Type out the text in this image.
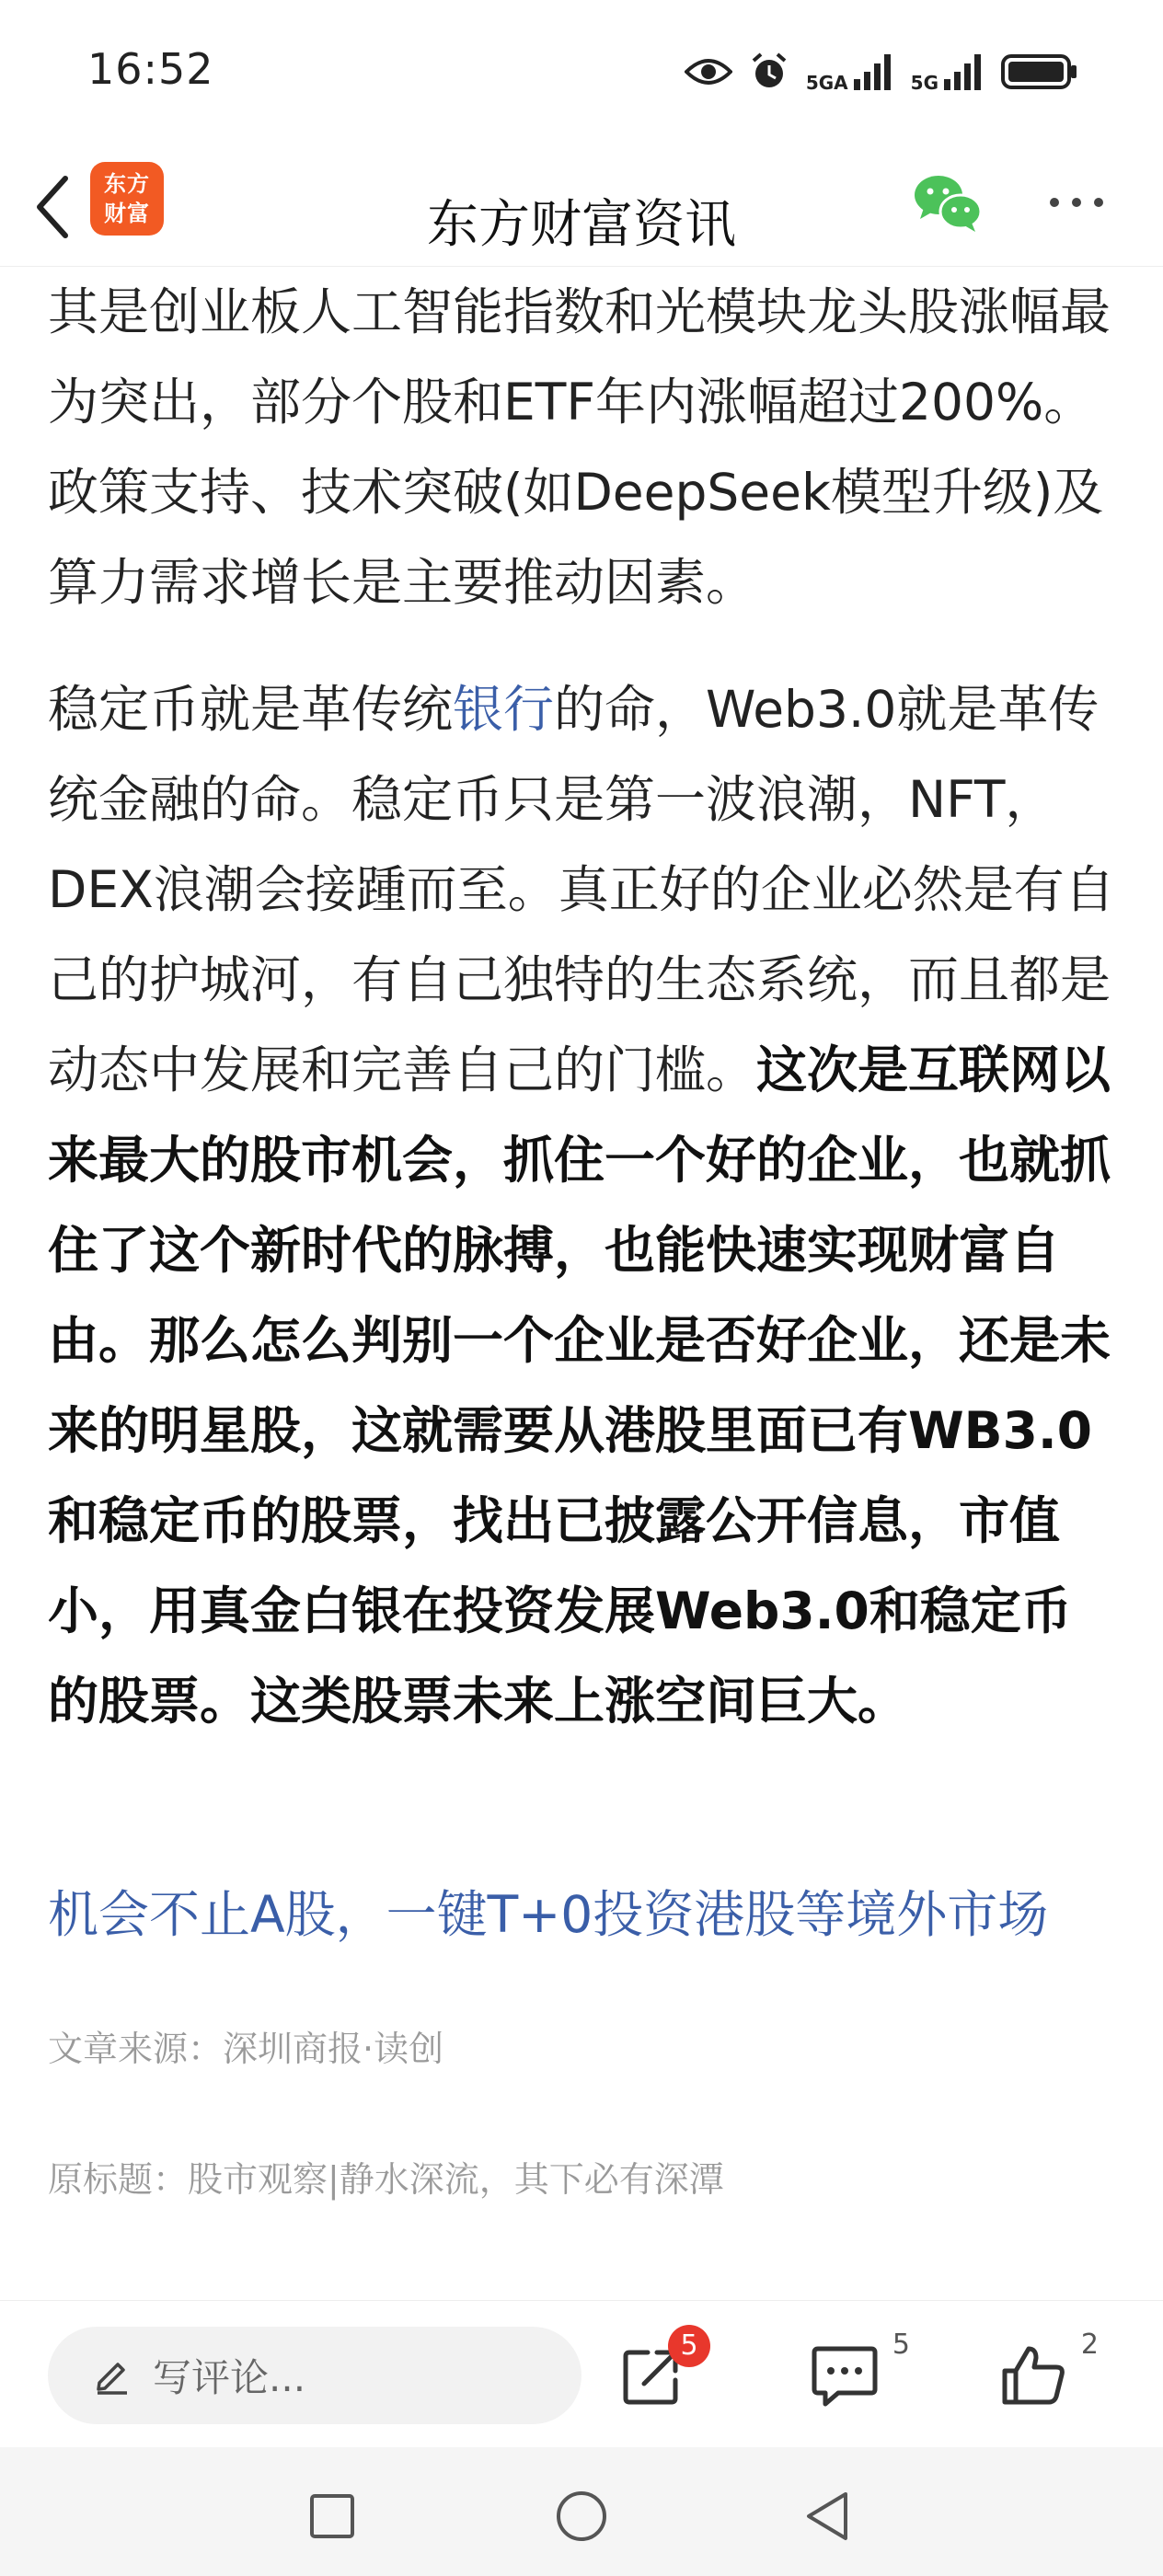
16:52	5GA	5G
东方
财富	东方财富资讯

其是创业板人工智能指数和光模块龙头股涨幅最为突出，部分个股和ETF年内涨幅超过200%。政策支持、技术突破(如DeepSeek模型升级)及算力需求增长是主要推动因素。

稳定币就是革传统银行的命，Web3.0就是革传统金融的命。稳定币只是第一波浪潮，NFT，DEX浪潮会接踵而至。真正好的企业必然是有自己的护城河，有自己独特的生态系统，而且都是动态中发展和完善自己的门槛。这次是互联网以来最大的股市机会，抓住一个好的企业，也就抓住了这个新时代的脉搏，也能快速实现财富自由。那么怎么判别一个企业是否好企业，还是未来的明星股，这就需要从港股里面已有WB3.0和稳定币的股票，找出已披露公开信息，市值小，用真金白银在投资发展Web3.0和稳定币的股票。这类股票未来上涨空间巨大。

机会不止A股，一键T+0投资港股等境外市场
文章来源：深圳商报·读创
原标题：股市观察|静水深流，其下必有深潭
写评论...
5	5	2
